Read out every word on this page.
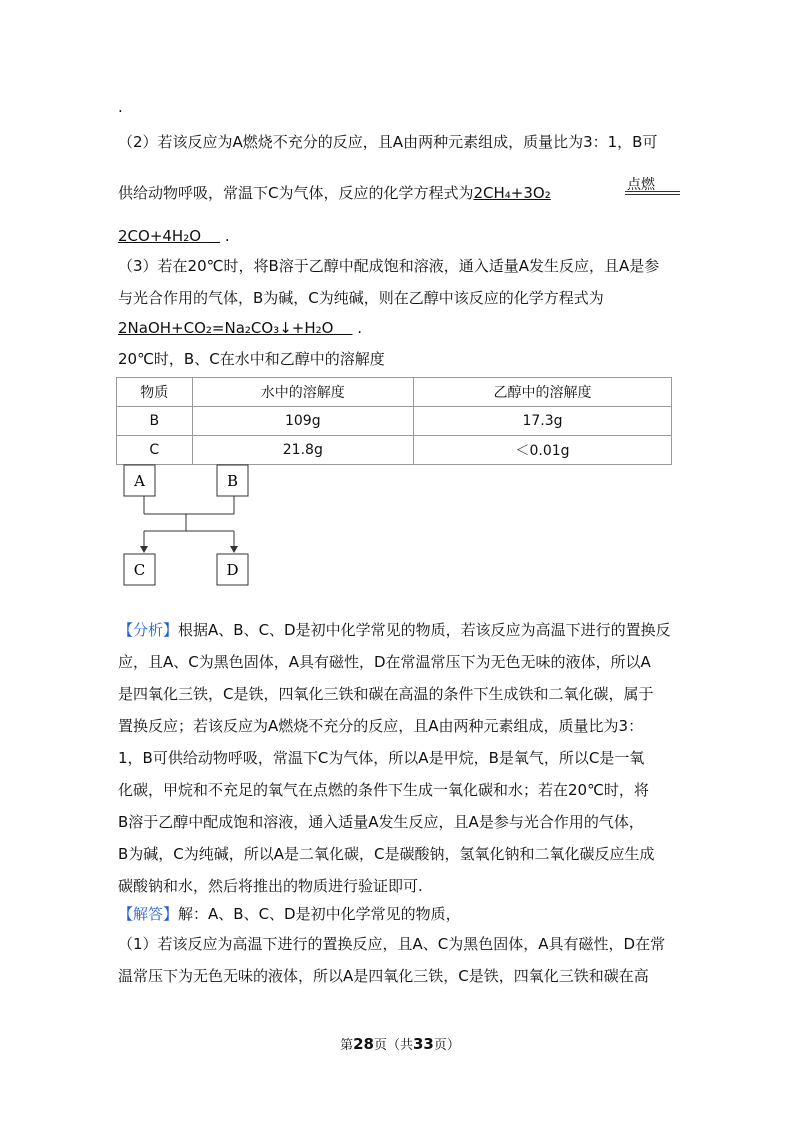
.
（2）若该反应为A燃烧不充分的反应，且A由两种元素组成，质量比为3：1，B可
供给动物呼吸，常温下C为气体，反应的化学方程式为2CH₄+3O₂	点燃
2CO+4H₂O .
（3）若在20℃时，将B溶于乙醇中配成饱和溶液，通入适量A发生反应，且A是参
与光合作用的气体，B为碱，C为纯碱，则在乙醇中该反应的化学方程式为
2NaOH+CO₂=Na₂CO₃↓+H₂O .
20℃时，B、C在水中和乙醇中的溶解度
物质	水中的溶解度	乙醇中的溶解度
B	109g	17.3g
C	21.8g	＜0.01g
A	B
C	D
【分析】根据A、B、C、D是初中化学常见的物质，若该反应为高温下进行的置换反
应，且A、C为黑色固体，A具有磁性，D在常温常压下为无色无味的液体，所以A
是四氧化三铁，C是铁，四氧化三铁和碳在高温的条件下生成铁和二氧化碳，属于
置换反应；若该反应为A燃烧不充分的反应，且A由两种元素组成，质量比为3：
1，B可供给动物呼吸，常温下C为气体，所以A是甲烷，B是氧气，所以C是一氧
化碳，甲烷和不充足的氧气在点燃的条件下生成一氧化碳和水；若在20℃时，将
B溶于乙醇中配成饱和溶液，通入适量A发生反应，且A是参与光合作用的气体，
B为碱，C为纯碱，所以A是二氧化碳，C是碳酸钠，氢氧化钠和二氧化碳反应生成
碳酸钠和水，然后将推出的物质进行验证即可.
【解答】解：A、B、C、D是初中化学常见的物质，
（1）若该反应为高温下进行的置换反应，且A、C为黑色固体，A具有磁性，D在常
温常压下为无色无味的液体，所以A是四氧化三铁，C是铁，四氧化三铁和碳在高
第28页（共33页）
